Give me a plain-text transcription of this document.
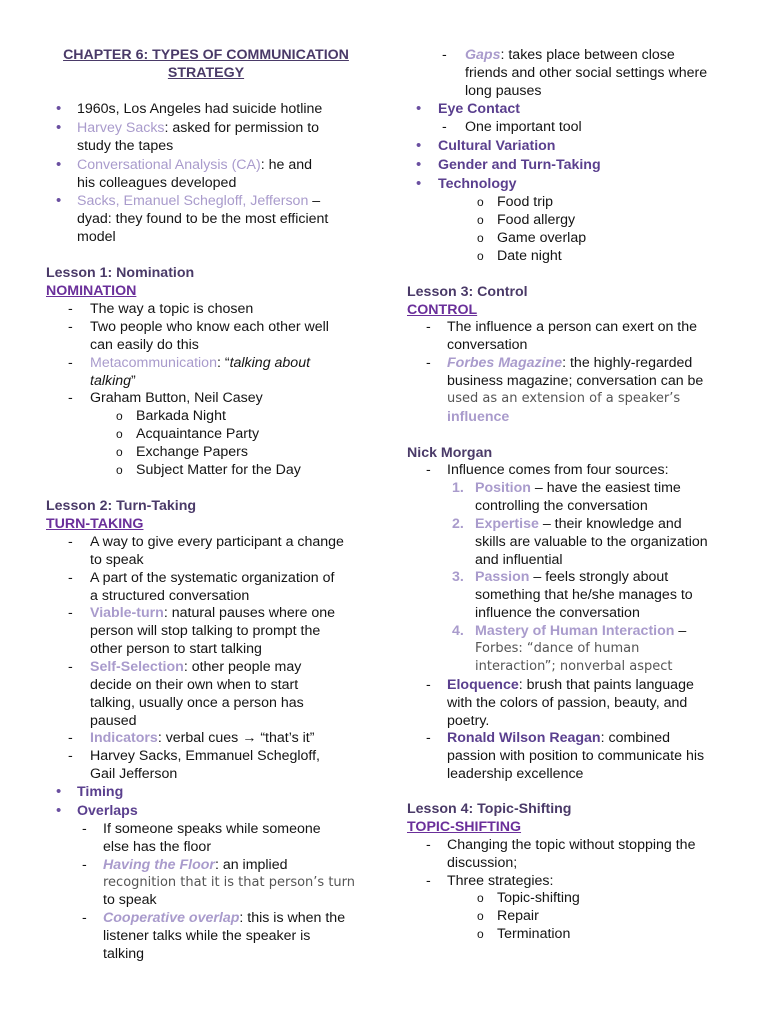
CHAPTER 6: TYPES OF COMMUNICATION
STRATEGY
• 1960s, Los Angeles had suicide hotline
• Harvey Sacks: asked for permission to
study the tapes
• Conversational Analysis (CA): he and
his colleagues developed
• Sacks, Emanuel Schegloff, Jefferson –
dyad: they found to be the most efficient
model
Lesson 1: Nomination
NOMINATION
- The way a topic is chosen
- Two people who know each other well
can easily do this
- Metacommunication: “talking about
talking”
- Graham Button, Neil Casey
o Barkada Night
o Acquaintance Party
o Exchange Papers
o Subject Matter for the Day
Lesson 2: Turn-Taking
TURN-TAKING
- A way to give every participant a change
to speak
- A part of the systematic organization of
a structured conversation
- Viable-turn: natural pauses where one
person will stop talking to prompt the
other person to start talking
- Self-Selection: other people may
decide on their own when to start
talking, usually once a person has
paused
- Indicators: verbal cues → “that’s it”
- Harvey Sacks, Emmanuel Schegloff,
Gail Jefferson
• Timing
• Overlaps
- If someone speaks while someone
else has the floor
- Having the Floor: an implied
recognition that it is that person’s turn
to speak
- Cooperative overlap: this is when the
listener talks while the speaker is
talking
- Gaps: takes place between close
friends and other social settings where
long pauses
• Eye Contact
- One important tool
• Cultural Variation
• Gender and Turn-Taking
• Technology
o Food trip
o Food allergy
o Game overlap
o Date night
Lesson 3: Control
CONTROL
- The influence a person can exert on the
conversation
- Forbes Magazine: the highly-regarded
business magazine; conversation can be
used as an extension of a speaker’s
influence
Nick Morgan
- Influence comes from four sources:
1. Position – have the easiest time
controlling the conversation
2. Expertise – their knowledge and
skills are valuable to the organization
and influential
3. Passion – feels strongly about
something that he/she manages to
influence the conversation
4. Mastery of Human Interaction –
Forbes: “dance of human
interaction”; nonverbal aspect
- Eloquence: brush that paints language
with the colors of passion, beauty, and
poetry.
- Ronald Wilson Reagan: combined
passion with position to communicate his
leadership excellence
Lesson 4: Topic-Shifting
TOPIC-SHIFTING
- Changing the topic without stopping the
discussion;
- Three strategies:
o Topic-shifting
o Repair
o Termination
